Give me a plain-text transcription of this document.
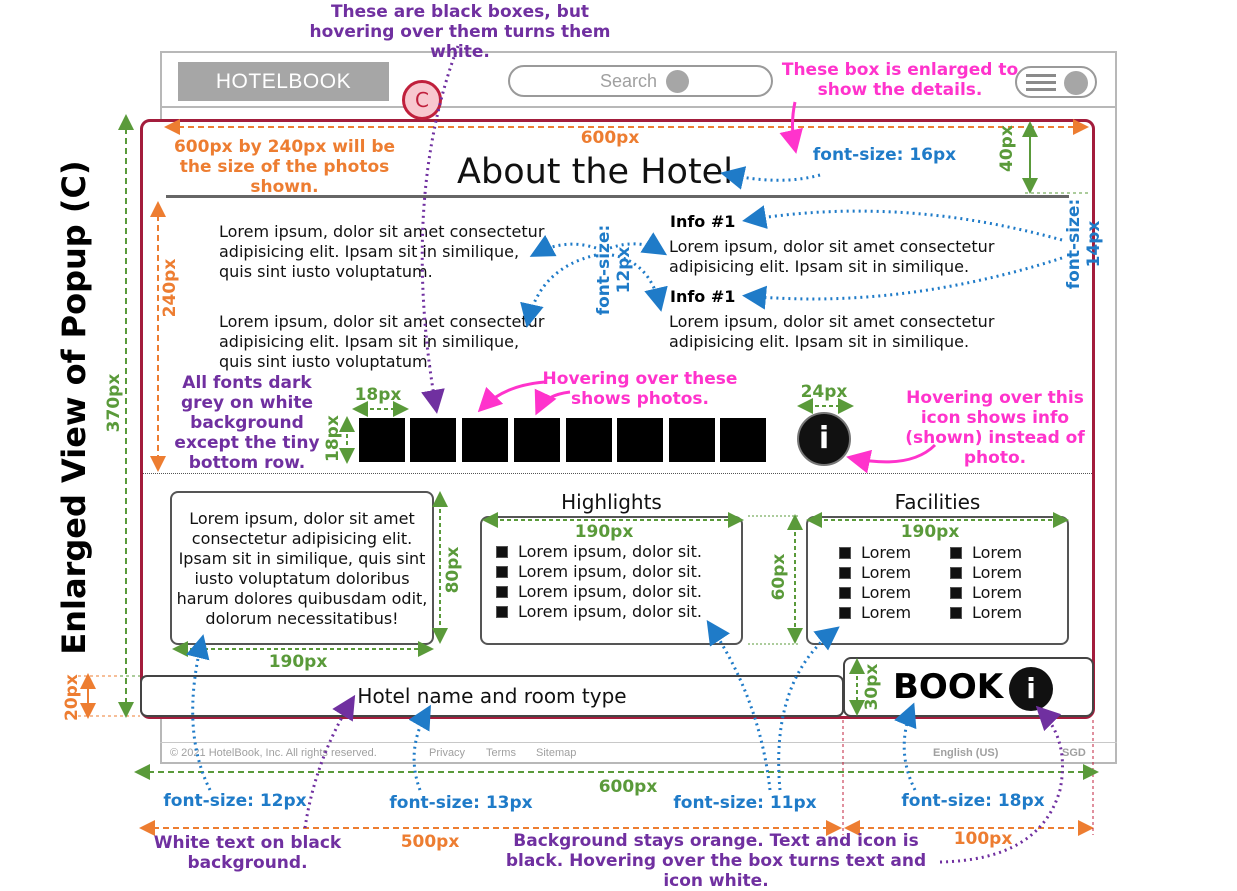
HOTELBOOK	Search
© 2021 HotelBook, Inc. All rights reserved.	Privacy Terms Sitemap	English (US)	SGD
About the Hotel
Lorem ipsum, dolor sit amet consectetur adipisicing elit. Ipsam sit in similique, quis sint iusto voluptatum.
Lorem ipsum, dolor sit amet consectetur adipisicing elit. Ipsam sit in similique, quis sint iusto voluptatum.
Info #1
Lorem ipsum, dolor sit amet consectetur adipisicing elit. Ipsam sit in similique.
Info #1
Lorem ipsum, dolor sit amet consectetur adipisicing elit. Ipsam sit in similique.
i
Lorem ipsum, dolor sit amet consectetur adipisicing elit. Ipsam sit in similique, quis sint iusto voluptatum doloribus harum dolores quibusdam odit, dolorum necessitatibus!
Highlights
Lorem ipsum, dolor sit.
Lorem ipsum, dolor sit.
Lorem ipsum, dolor sit.
Lorem ipsum, dolor sit.
Facilities
Lorem
Lorem
Lorem
Lorem
Lorem
Lorem
Lorem
Lorem
Hotel name and room type	BOOK i
C
Enlarged View of Popup (C)
These are black boxes, but hovering over them turns them white.
These box is enlarged to show the details.
600px by 240px will be the size of the photos shown.
600px
font-size: 16px 40px
font-size: 14px
font-size: 12px
240px
370px	All fonts dark grey on white background except the tiny bottom row.
18px
18px
Hovering over these shows photos.	24px	Hovering over this icon shows info (shown) instead of photo.
190px
80px
190px
60px
190px
30px
20px
600px
font-size: 12px	font-size: 13px	font-size: 11px	font-size: 18px
White text on black background.
500px	Background stays orange. Text and icon is black. Hovering over the box turns text and icon white.
100px
